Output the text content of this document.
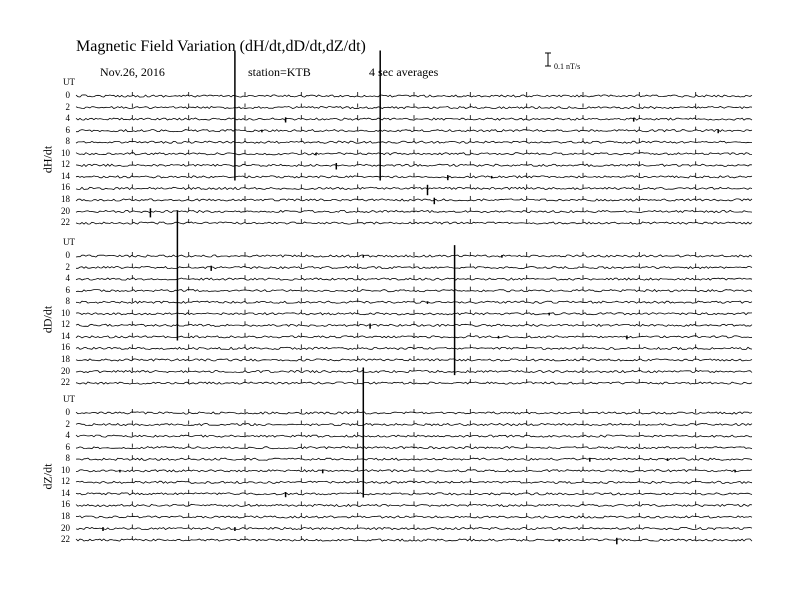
Magnetic Field Variation (dH/dt,dD/dt,dZ/dt)
Nov.26, 2016	station=KTB	4 sec averages	0.1 nT/s
UT
dH/dt
0
2
4
6
8
10
12
14
16
18
20
22
UT
dD/dt
0
2
4
6
8
10
12
14
16
18
20
22
UT
dZ/dt
0
2
4
6
8
10
12
14
16
18
20
22
